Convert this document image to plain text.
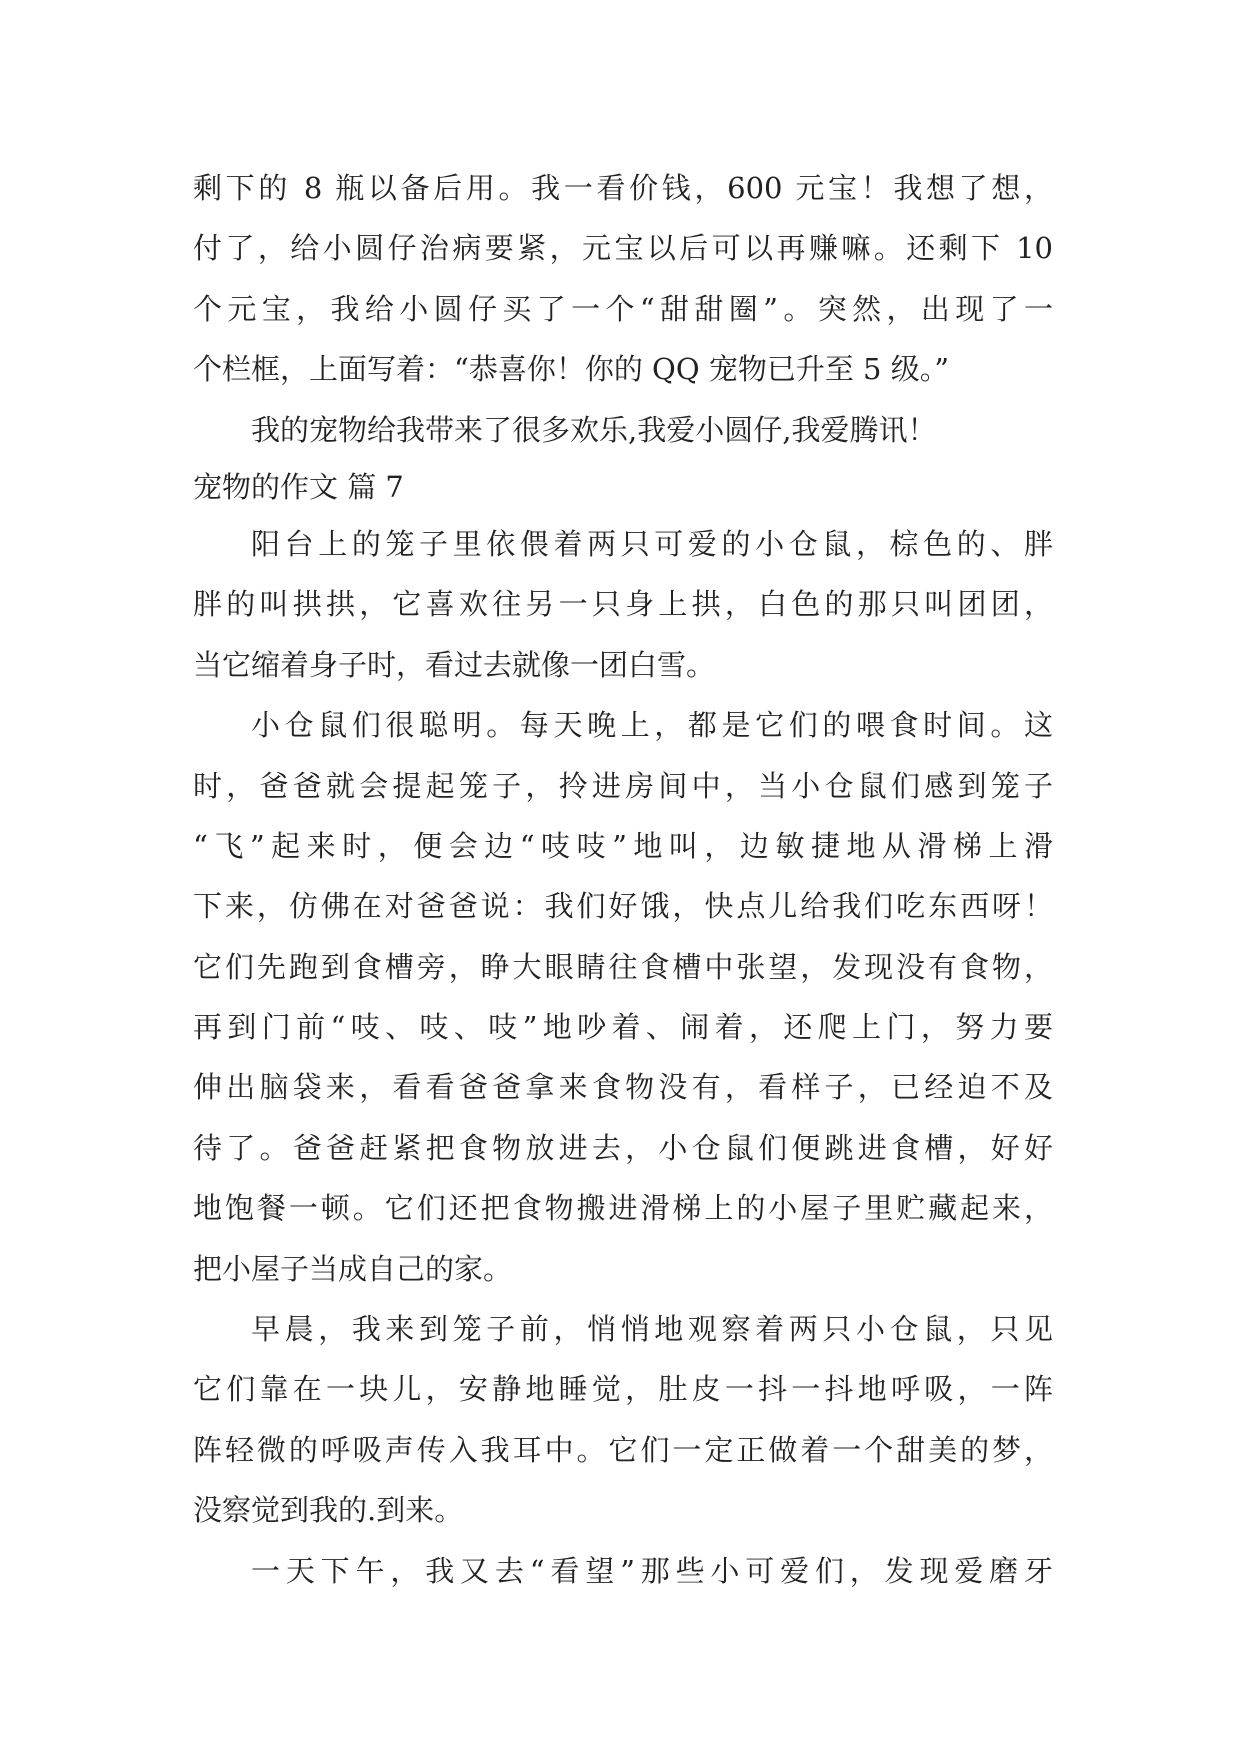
剩下的 8 瓶以备后用。我一看价钱，600 元宝！我想了想，
付了，给小圆仔治病要紧，元宝以后可以再赚嘛。还剩下 10
个元宝，我给小圆仔买了一个“甜甜圈”。突然，出现了一
个栏框，上面写着：“恭喜你！你的 QQ 宠物已升至 5 级。”
我的宠物给我带来了很多欢乐,我爱小圆仔,我爱腾讯！
宠物的作文 篇 7
阳台上的笼子里依偎着两只可爱的小仓鼠，棕色的、胖
胖的叫拱拱，它喜欢往另一只身上拱，白色的那只叫团团，
当它缩着身子时，看过去就像一团白雪。
小仓鼠们很聪明。每天晚上，都是它们的喂食时间。这
时，爸爸就会提起笼子，拎进房间中，当小仓鼠们感到笼子
“飞”起来时，便会边“吱吱”地叫，边敏捷地从滑梯上滑
下来，仿佛在对爸爸说：我们好饿，快点儿给我们吃东西呀！
它们先跑到食槽旁，睁大眼睛往食槽中张望，发现没有食物，
再到门前“吱、吱、吱”地吵着、闹着，还爬上门，努力要
伸出脑袋来，看看爸爸拿来食物没有，看样子，已经迫不及
待了。爸爸赶紧把食物放进去，小仓鼠们便跳进食槽，好好
地饱餐一顿。它们还把食物搬进滑梯上的小屋子里贮藏起来，
把小屋子当成自己的家。
早晨，我来到笼子前，悄悄地观察着两只小仓鼠，只见
它们靠在一块儿，安静地睡觉，肚皮一抖一抖地呼吸，一阵
阵轻微的呼吸声传入我耳中。它们一定正做着一个甜美的梦，
没察觉到我的.到来。
一天下午，我又去“看望”那些小可爱们，发现爱磨牙
